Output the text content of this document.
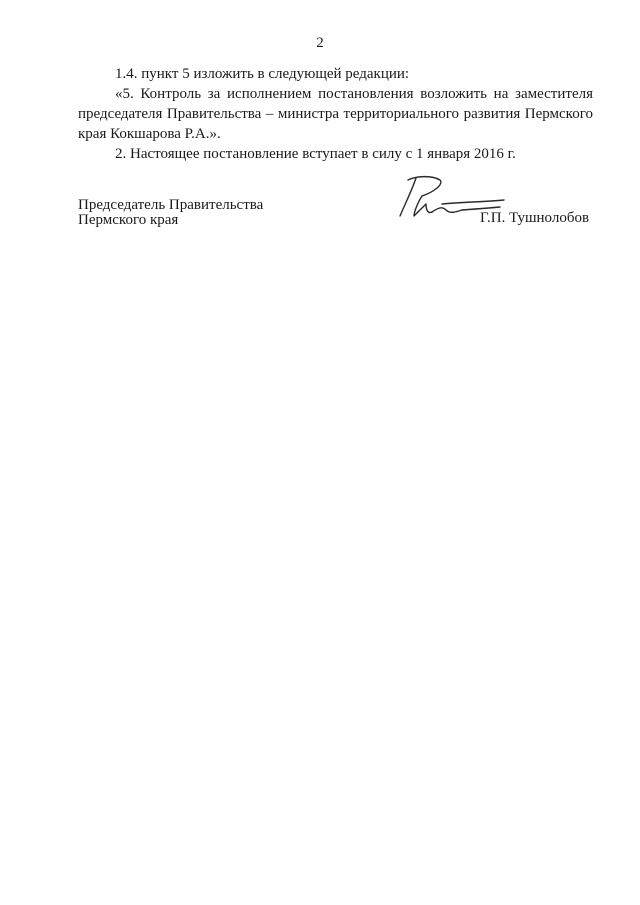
2

1.4. пункт 5 изложить в следующей редакции:

«5. Контроль за исполнением постановления возложить на заместителя председателя Правительства – министра территориального развития Пермского края Кокшарова Р.А.».

2. Настоящее постановление вступает в силу с 1 января 2016 г.

Председатель Правительства
Пермского края	Г.П. Тушнолобов
